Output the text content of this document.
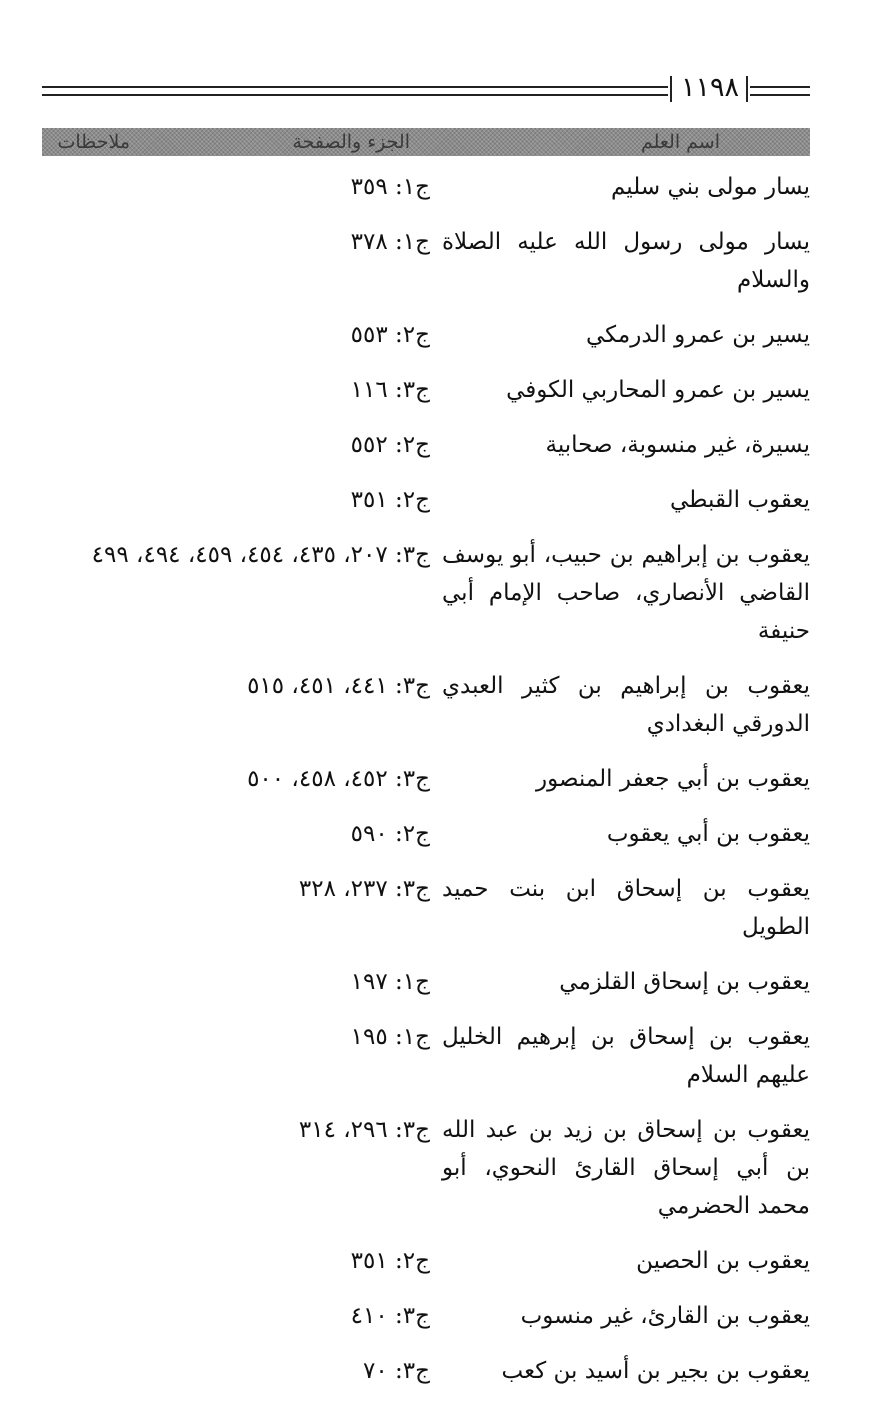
١١٩٨
اسم العلم
الجزء والصفحة
ملاحظات
يسار مولى بني سليم
ج١: ٣٥٩
يسار مولى رسول الله عليه الصلاة والسلام
ج١: ٣٧٨
يسير بن عمرو الدرمكي
ج٢: ٥٥٣
يسير بن عمرو المحاربي الكوفي
ج٣: ١١٦
يسيرة، غير منسوبة، صحابية
ج٢: ٥٥٢
يعقوب القبطي
ج٢: ٣٥١
يعقوب بن إبراهيم بن حبيب، أبو يوسف القاضي الأنصاري، صاحب الإمام أبي حنيفة
ج٣: ٢٠٧، ٤٣٥، ٤٥٤، ٤٥٩، ٤٩٤، ٤٩٩
يعقوب بن إبراهيم بن كثير العبدي الدورقي البغدادي
ج٣: ٤٤١، ٤٥١، ٥١٥
يعقوب بن أبي جعفر المنصور
ج٣: ٤٥٢، ٤٥٨، ٥٠٠
يعقوب بن أبي يعقوب
ج٢: ٥٩٠
يعقوب بن إسحاق ابن بنت حميد الطويل
ج٣: ٢٣٧، ٣٢٨
يعقوب بن إسحاق القلزمي
ج١: ١٩٧
يعقوب بن إسحاق بن إبرهيم الخليل عليهم السلام
ج١: ١٩٥
يعقوب بن إسحاق بن زيد بن عبد الله بن أبي إسحاق القارئ النحوي، أبو محمد الحضرمي
ج٣: ٢٩٦، ٣١٤
يعقوب بن الحصين
ج٢: ٣٥١
يعقوب بن القارئ، غير منسوب
ج٣: ٤١٠
يعقوب بن بجير بن أسيد بن كعب
ج٣: ٧٠
